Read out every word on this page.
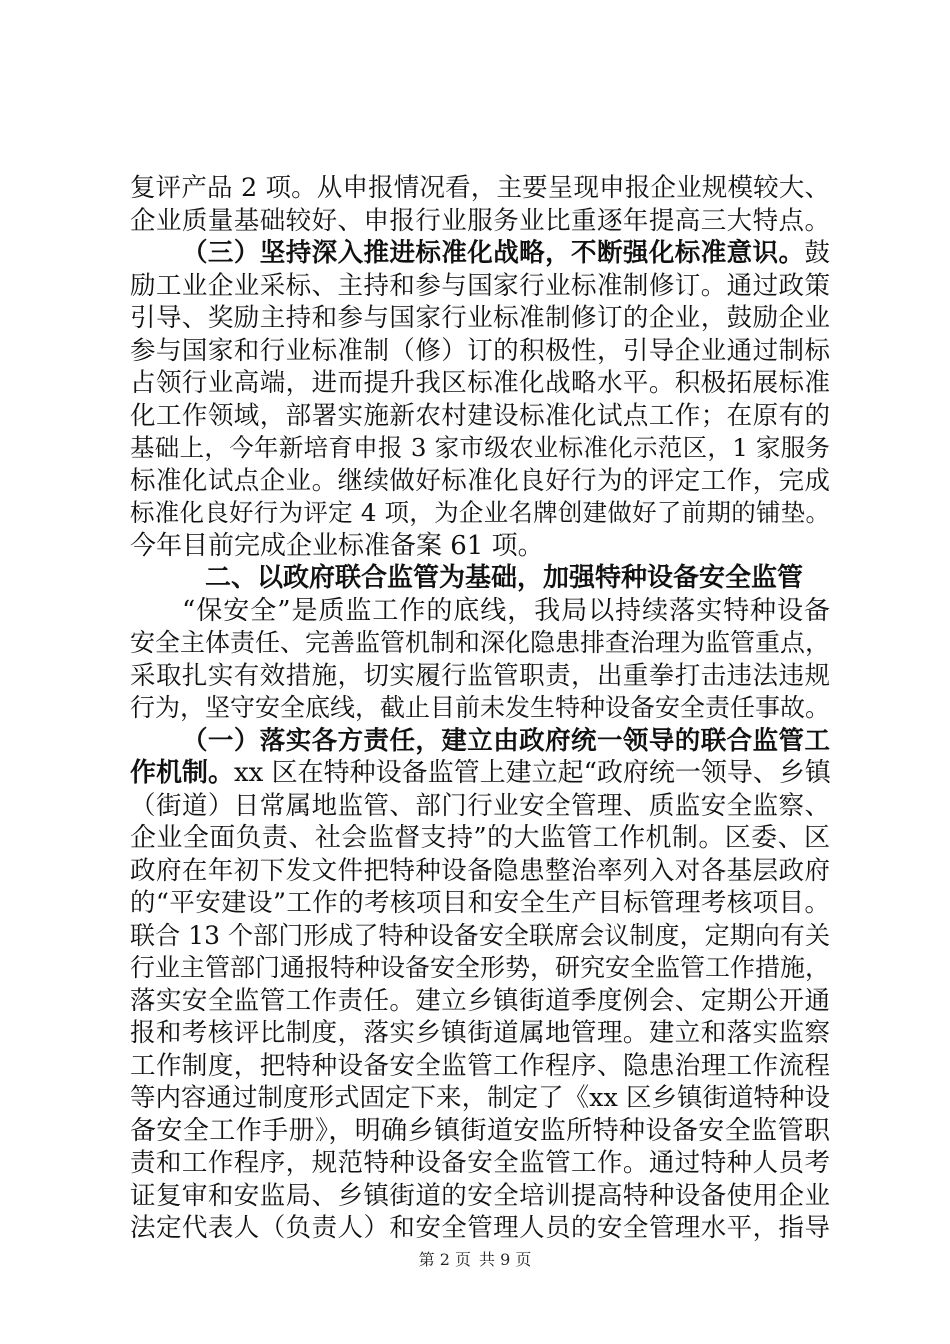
复评产品 2 项。从申报情况看，主要呈现申报企业规模较大、
企业质量基础较好、申报行业服务业比重逐年提高三大特点。
（三）坚持深入推进标准化战略，不断强化标准意识。鼓
励工业企业采标、主持和参与国家行业标准制修订。通过政策
引导、奖励主持和参与国家行业标准制修订的企业，鼓励企业
参与国家和行业标准制（修）订的积极性，引导企业通过制标
占领行业高端，进而提升我区标准化战略水平。积极拓展标准
化工作领域，部署实施新农村建设标准化试点工作；在原有的
基础上，今年新培育申报 3 家市级农业标准化示范区，1 家服务
标准化试点企业。继续做好标准化良好行为的评定工作，完成
标准化良好行为评定 4 项，为企业名牌创建做好了前期的铺垫。
今年目前完成企业标准备案 61 项。
二、以政府联合监管为基础，加强特种设备安全监管
“保安全”是质监工作的底线，我局以持续落实特种设备
安全主体责任、完善监管机制和深化隐患排查治理为监管重点，
采取扎实有效措施，切实履行监管职责，出重拳打击违法违规
行为，坚守安全底线，截止目前未发生特种设备安全责任事故。
（一）落实各方责任，建立由政府统一领导的联合监管工
作机制。xx 区在特种设备监管上建立起“政府统一领导、乡镇
（街道）日常属地监管、部门行业安全管理、质监安全监察、
企业全面负责、社会监督支持”的大监管工作机制。区委、区
政府在年初下发文件把特种设备隐患整治率列入对各基层政府
的“平安建设”工作的考核项目和安全生产目标管理考核项目。
联合 13 个部门形成了特种设备安全联席会议制度，定期向有关
行业主管部门通报特种设备安全形势，研究安全监管工作措施，
落实安全监管工作责任。建立乡镇街道季度例会、定期公开通
报和考核评比制度，落实乡镇街道属地管理。建立和落实监察
工作制度，把特种设备安全监管工作程序、隐患治理工作流程
等内容通过制度形式固定下来，制定了《xx 区乡镇街道特种设
备安全工作手册》，明确乡镇街道安监所特种设备安全监管职
责和工作程序，规范特种设备安全监管工作。通过特种人员考
证复审和安监局、乡镇街道的安全培训提高特种设备使用企业
法定代表人（负责人）和安全管理人员的安全管理水平，指导
第 2 页 共 9 页
